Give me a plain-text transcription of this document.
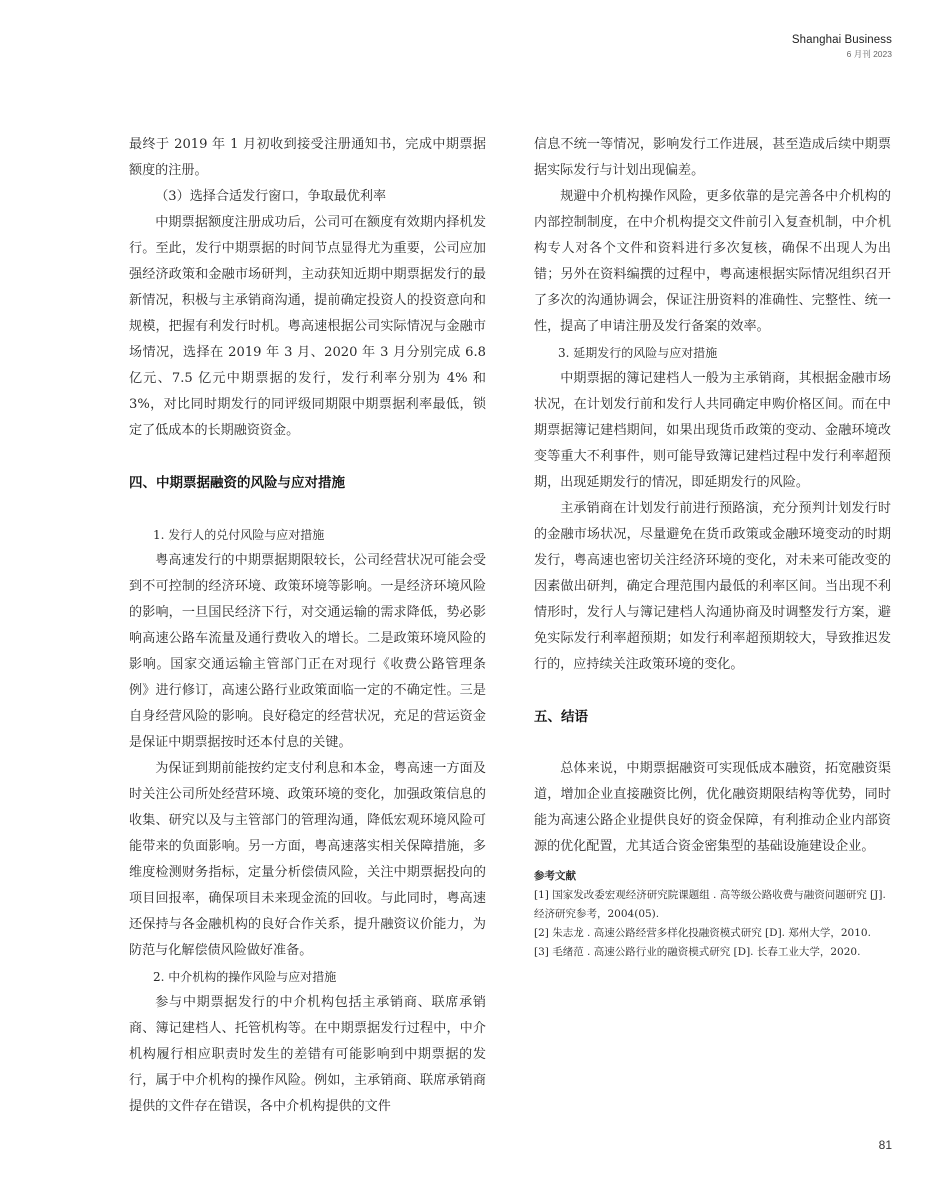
Shanghai Business
6 月刊 2023

最终于 2019 年 1 月初收到接受注册通知书，完成中期票据额度的注册。

（3）选择合适发行窗口，争取最优利率

中期票据额度注册成功后，公司可在额度有效期内择机发行。至此，发行中期票据的时间节点显得尤为重要，公司应加强经济政策和金融市场研判，主动获知近期中期票据发行的最新情况，积极与主承销商沟通，提前确定投资人的投资意向和规模，把握有利发行时机。粤高速根据公司实际情况与金融市场情况，选择在 2019 年 3 月、2020 年 3 月分别完成 6.8 亿元、7.5 亿元中期票据的发行，发行利率分别为 4% 和 3%，对比同时期发行的同评级同期限中期票据利率最低，锁定了低成本的长期融资资金。

四、中期票据融资的风险与应对措施

1. 发行人的兑付风险与应对措施

粤高速发行的中期票据期限较长，公司经营状况可能会受到不可控制的经济环境、政策环境等影响。一是经济环境风险的影响，一旦国民经济下行，对交通运输的需求降低，势必影响高速公路车流量及通行费收入的增长。二是政策环境风险的影响。国家交通运输主管部门正在对现行《收费公路管理条例》进行修订，高速公路行业政策面临一定的不确定性。三是自身经营风险的影响。良好稳定的经营状况，充足的营运资金是保证中期票据按时还本付息的关键。

为保证到期前能按约定支付利息和本金，粤高速一方面及时关注公司所处经营环境、政策环境的变化，加强政策信息的收集、研究以及与主管部门的管理沟通，降低宏观环境风险可能带来的负面影响。另一方面，粤高速落实相关保障措施，多维度检测财务指标，定量分析偿债风险，关注中期票据投向的项目回报率，确保项目未来现金流的回收。与此同时，粤高速还保持与各金融机构的良好合作关系，提升融资议价能力，为防范与化解偿债风险做好准备。

2. 中介机构的操作风险与应对措施

参与中期票据发行的中介机构包括主承销商、联席承销商、簿记建档人、托管机构等。在中期票据发行过程中，中介机构履行相应职责时发生的差错有可能影响到中期票据的发行，属于中介机构的操作风险。例如，主承销商、联席承销商提供的文件存在错误，各中介机构提供的文件

信息不统一等情况，影响发行工作进展，甚至造成后续中期票据实际发行与计划出现偏差。

规避中介机构操作风险，更多依靠的是完善各中介机构的内部控制制度，在中介机构提交文件前引入复查机制，中介机构专人对各个文件和资料进行多次复核，确保不出现人为出错；另外在资料编撰的过程中，粤高速根据实际情况组织召开了多次的沟通协调会，保证注册资料的准确性、完整性、统一性，提高了申请注册及发行备案的效率。

3. 延期发行的风险与应对措施

中期票据的簿记建档人一般为主承销商，其根据金融市场状况，在计划发行前和发行人共同确定申购价格区间。而在中期票据簿记建档期间，如果出现货币政策的变动、金融环境改变等重大不利事件，则可能导致簿记建档过程中发行利率超预期，出现延期发行的情况，即延期发行的风险。

主承销商在计划发行前进行预路演，充分预判计划发行时的金融市场状况，尽量避免在货币政策或金融环境变动的时期发行，粤高速也密切关注经济环境的变化，对未来可能改变的因素做出研判，确定合理范围内最低的利率区间。当出现不利情形时，发行人与簿记建档人沟通协商及时调整发行方案，避免实际发行利率超预期；如发行利率超预期较大，导致推迟发行的，应持续关注政策环境的变化。

五、结语

总体来说，中期票据融资可实现低成本融资，拓宽融资渠道，增加企业直接融资比例，优化融资期限结构等优势，同时能为高速公路企业提供良好的资金保障，有利推动企业内部资源的优化配置，尤其适合资金密集型的基础设施建设企业。

参考文献
[1] 国家发改委宏观经济研究院课题组 . 高等级公路收费与融资问题研究 [J]. 经济研究参考，2004(05).
[2] 朱志龙 . 高速公路经营多样化投融资模式研究 [D]. 郑州大学，2010.
[3] 毛绪范 . 高速公路行业的融资模式研究 [D]. 长春工业大学，2020.
81
